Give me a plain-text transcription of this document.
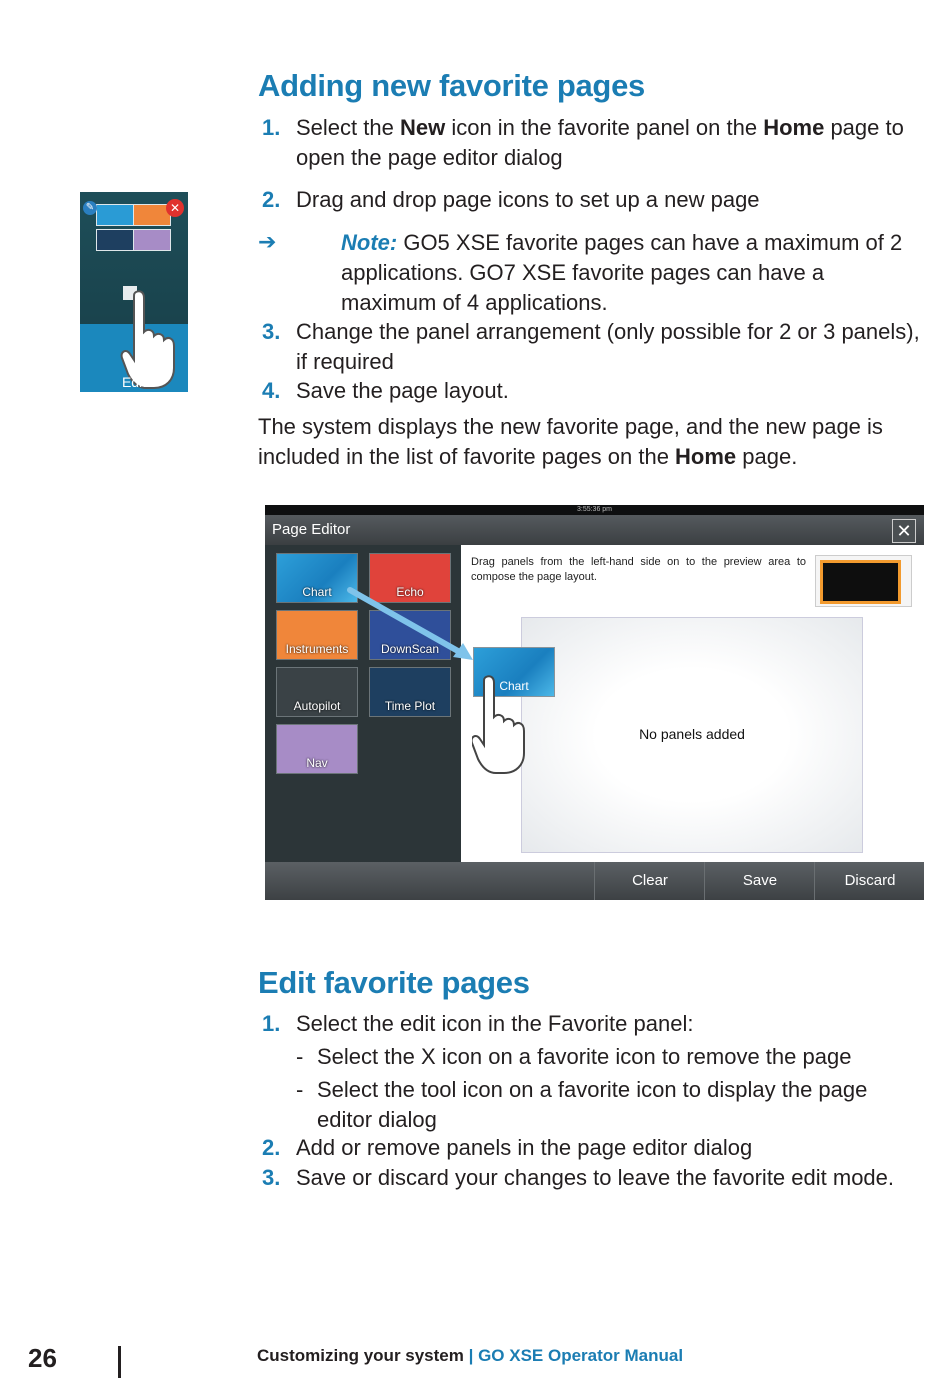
Adding new favorite pages
1. Select the New icon in the favorite panel on the Home page to open the page editor dialog
2. Drag and drop page icons to set up a new page
➔	Note: GO5 XSE favorite pages can have a maximum of 2 applications. GO7 XSE favorite pages can have a maximum of 4 applications.
3. Change the panel arrangement (only possible for 2 or 3 panels), if required
4. Save the page layout.
The system displays the new favorite page, and the new page is included in the list of favorite pages on the Home page.
✎	✕
Edit
3:55:36 pm
Page Editor	✕
Chart	Echo
Instruments	DownScan
Autopilot	Time Plot
Nav
Drag panels from the left-hand side on to the preview area to compose the page layout.
No panels added
Chart
Clear	Save	Discard
Edit favorite pages
1. Select the edit icon in the Favorite panel:
- Select the X icon on a favorite icon to remove the page
- Select the tool icon on a favorite icon to display the page editor dialog
2. Add or remove panels in the page editor dialog
3. Save or discard your changes to leave the favorite edit mode.
26	Customizing your system | GO XSE Operator Manual
